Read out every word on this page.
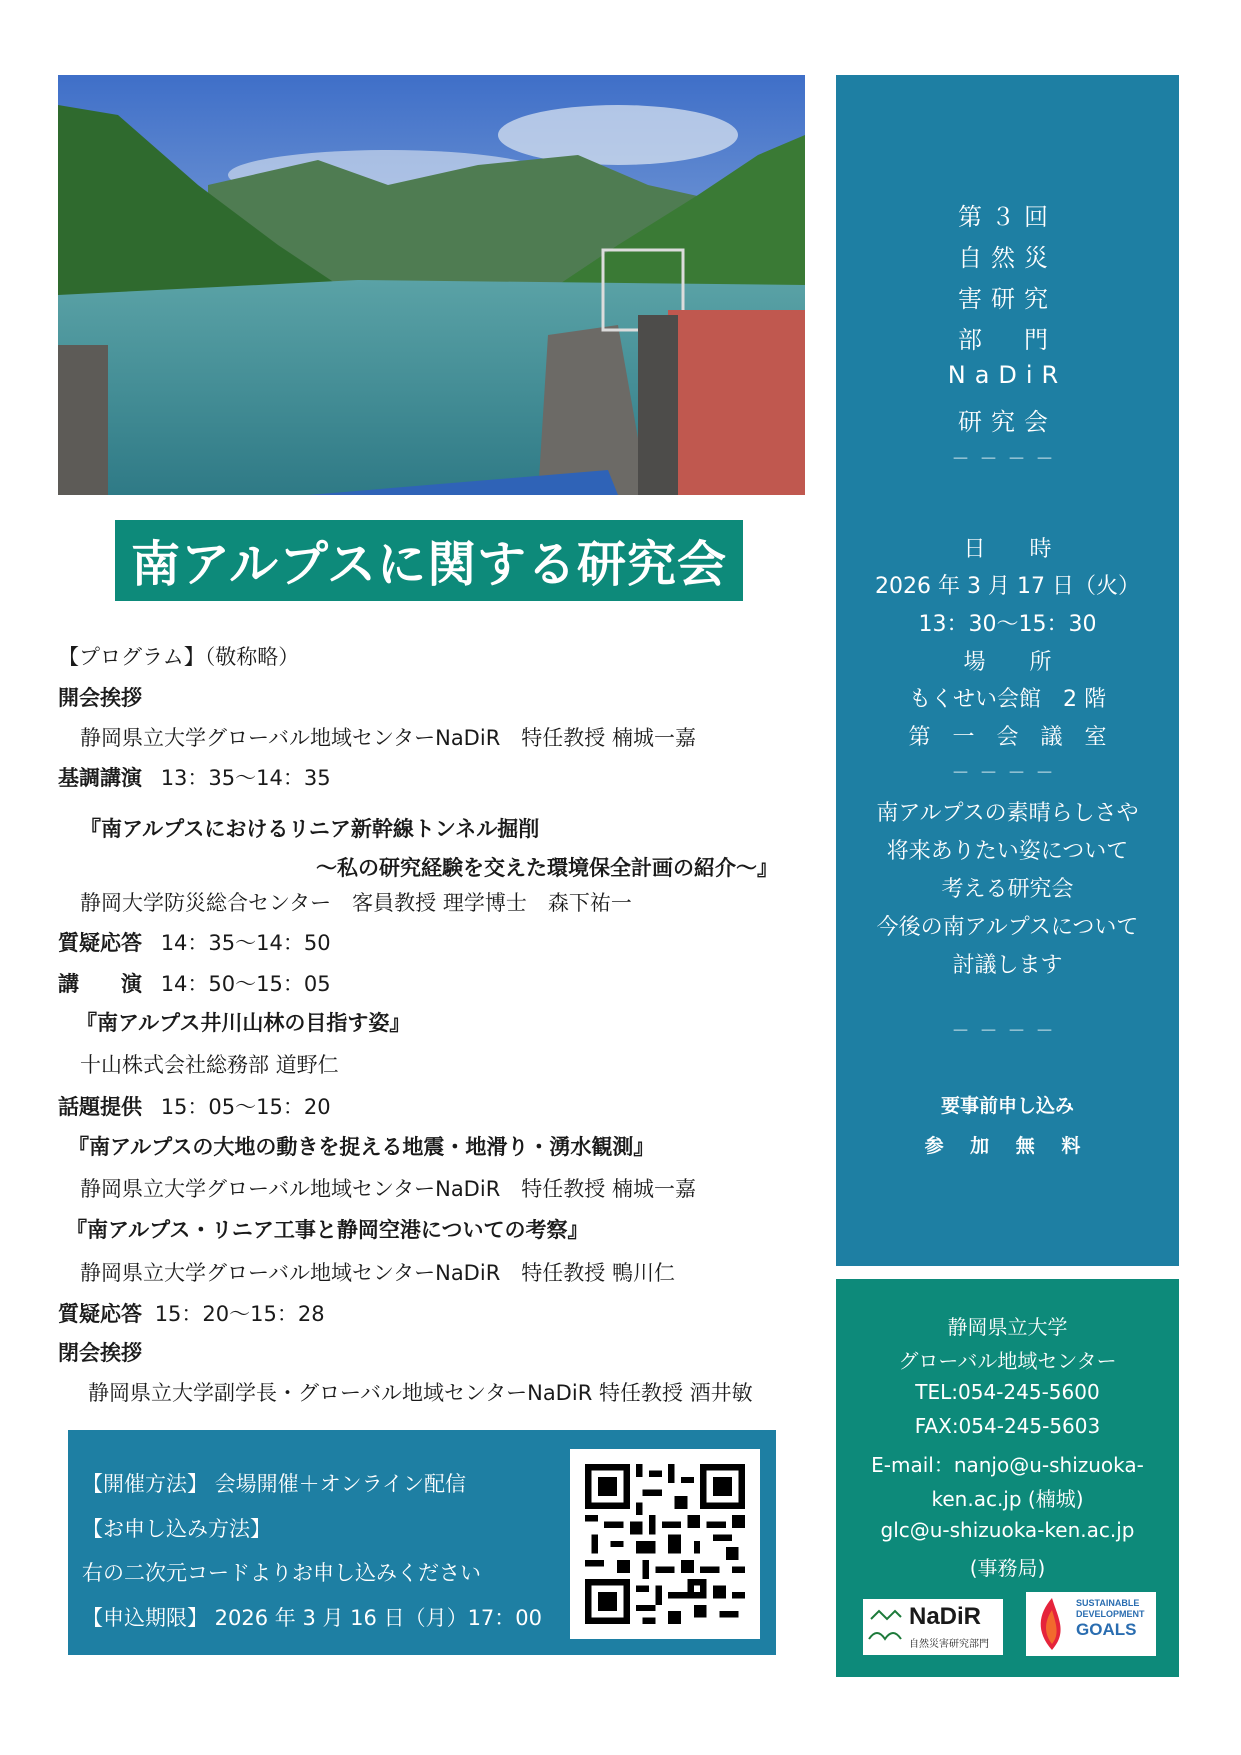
南アルプスに関する研究会
【プログラム】（敬称略）
開会挨拶
静岡県立大学グローバル地域センターNaDiR　特任教授 楠城一嘉
基調講演 13：35～14：35
『南アルプスにおけるリニア新幹線トンネル掘削
～私の研究経験を交えた環境保全計画の紹介～』
静岡大学防災総合センター　客員教授 理学博士　森下祐一
質疑応答 14：35～14：50
講　　演 14：50～15：05
『南アルプス井川山林の目指す姿』
十山株式会社総務部 道野仁
話題提供 15：05～15：20
『南アルプスの大地の動きを捉える地震・地滑り・湧水観測』
静岡県立大学グローバル地域センターNaDiR　特任教授 楠城一嘉
『南アルプス・リニア工事と静岡空港についての考察』
静岡県立大学グローバル地域センターNaDiR　特任教授 鴨川仁
質疑応答 15：20～15：28
閉会挨拶
静岡県立大学副学長・グローバル地域センターNaDiR 特任教授 酒井敏
【開催方法】 会場開催＋オンライン配信
【お申し込み方法】
右の二次元コードよりお申し込みください
【申込期限】 2026 年 3 月 16 日（月）17：00
第３回
自然災
害研究
部　門
NaDiR
研究会
－－－－
日　　時
2026 年 3 月 17 日（火）
13：30～15：30
場　　所
もくせい会館　2 階
第　一　会　議　室
－－－－
南アルプスの素晴らしさや
将来ありたい姿について
考える研究会
今後の南アルプスについて
討議します
－－－－
要事前申し込み
参 加 無 料
静岡県立大学
グローバル地域センター
TEL:054-245-5600
FAX:054-245-5603
E-mail：nanjo@u-shizuoka-
ken.ac.jp (楠城)
glc@u-shizuoka-ken.ac.jp
(事務局)
NaDiR
自然災害研究部門
SUSTAINABLE
DEVELOPMENT
GOALS
